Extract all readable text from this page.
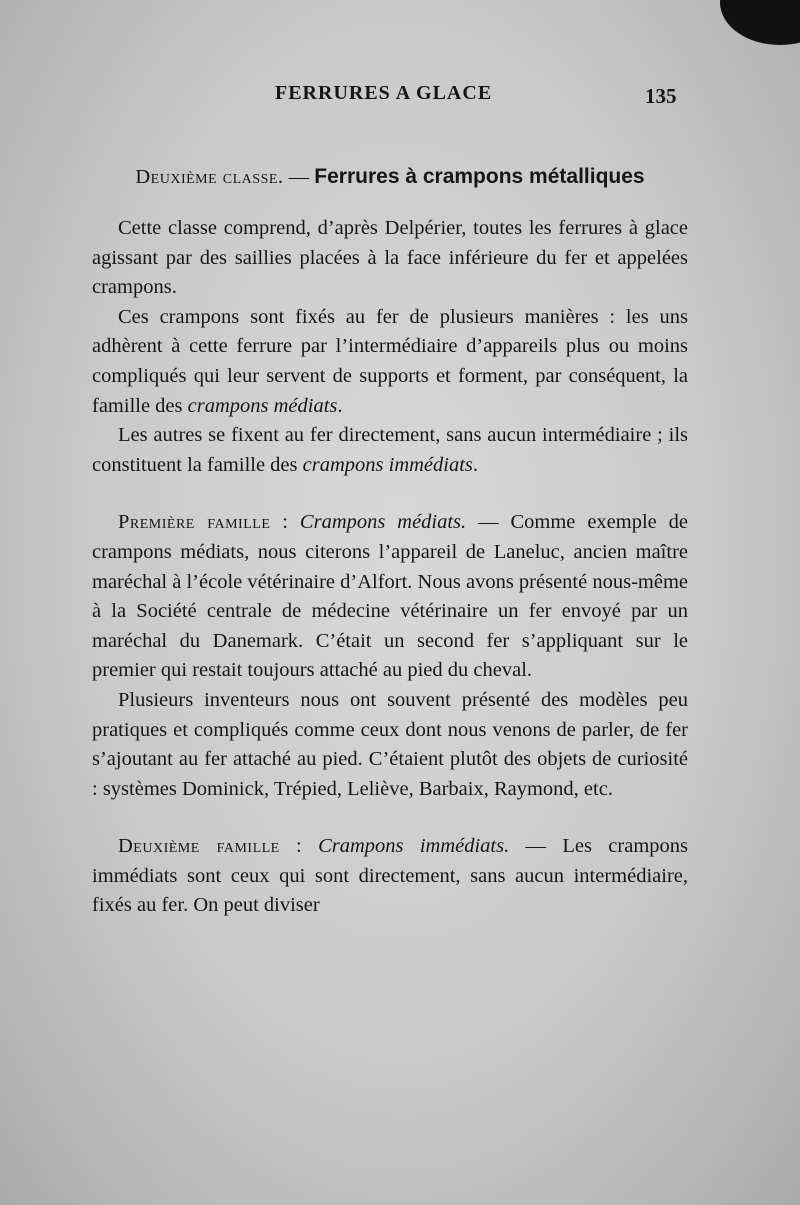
FERRURES A GLACE	135
Deuxième classe. — Ferrures à crampons métalliques

Cette classe comprend, d’après Delpérier, toutes les ferrures à glace agissant par des saillies placées à la face inférieure du fer et appelées crampons.

Ces crampons sont fixés au fer de plusieurs manières : les uns adhèrent à cette ferrure par l’intermédiaire d’appareils plus ou moins compliqués qui leur servent de supports et forment, par conséquent, la famille des crampons médiats.

Les autres se fixent au fer directement, sans aucun intermédiaire ; ils constituent la famille des crampons immédiats.

Première famille : Crampons médiats. — Comme exemple de crampons médiats, nous citerons l’appareil de Laneluc, ancien maître maréchal à l’école vétérinaire d’Alfort. Nous avons présenté nous-même à la Société centrale de médecine vétérinaire un fer envoyé par un maréchal du Danemark. C’était un second fer s’appliquant sur le premier qui restait toujours attaché au pied du cheval.

Plusieurs inventeurs nous ont souvent présenté des modèles peu pratiques et compliqués comme ceux dont nous venons de parler, de fer s’ajoutant au fer attaché au pied. C’étaient plutôt des objets de curiosité : systèmes Dominick, Trépied, Lelièvе, Barbaix, Raymond, etc.

Deuxième famille : Crampons immédiats. — Les crampons immédiats sont ceux qui sont directement, sans aucun intermédiaire, fixés au fer. On peut diviser
